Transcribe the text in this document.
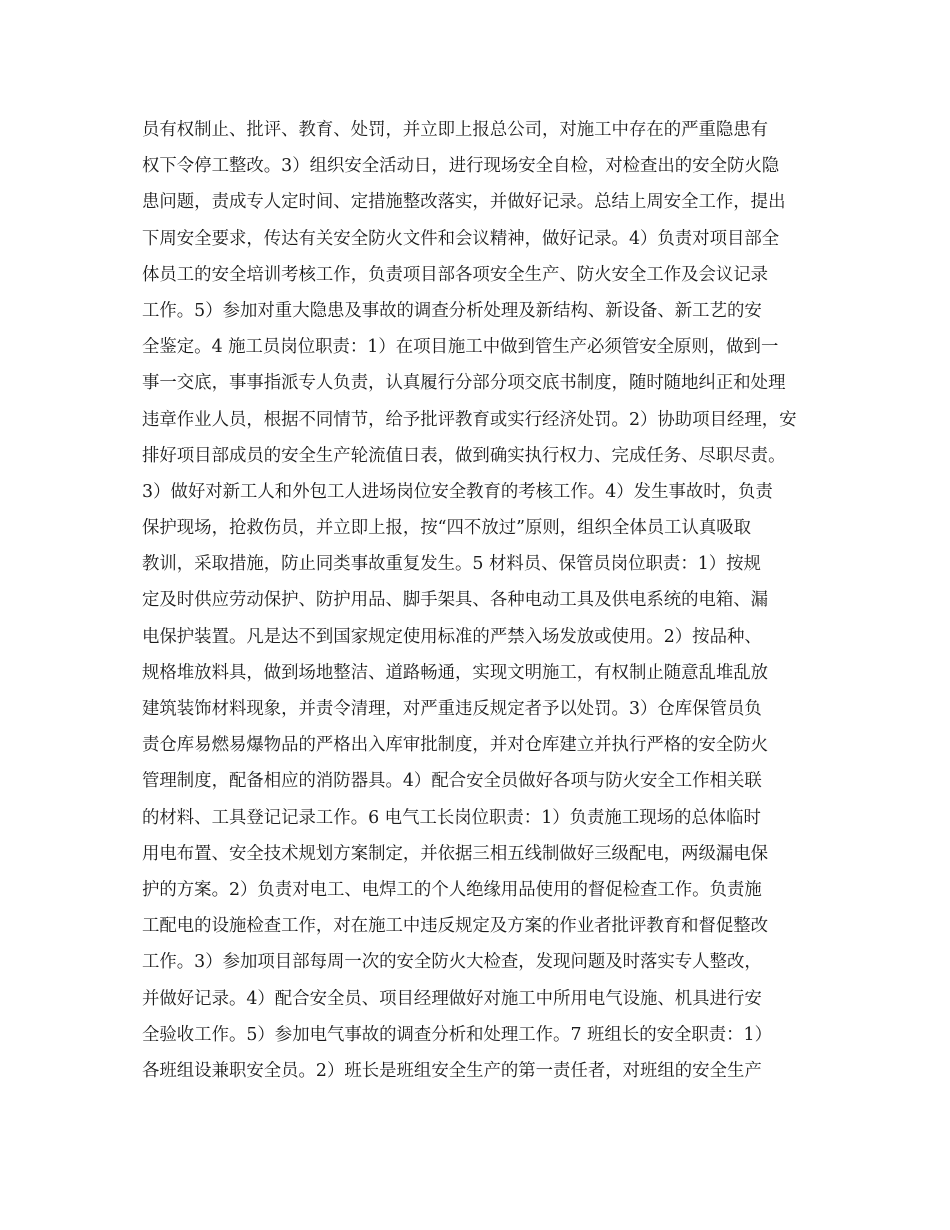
员有权制止、批评、教育、处罚，并立即上报总公司，对施工中存在的严重隐患有
权下令停工整改。3）组织安全活动日，进行现场安全自检，对检查出的安全防火隐
患问题，责成专人定时间、定措施整改落实，并做好记录。总结上周安全工作，提出
下周安全要求，传达有关安全防火文件和会议精神，做好记录。4）负责对项目部全
体员工的安全培训考核工作，负责项目部各项安全生产、防火安全工作及会议记录
工作。5）参加对重大隐患及事故的调查分析处理及新结构、新设备、新工艺的安
全鉴定。4 施工员岗位职责：1）在项目施工中做到管生产必须管安全原则，做到一
事一交底，事事指派专人负责，认真履行分部分项交底书制度，随时随地纠正和处理
违章作业人员，根据不同情节，给予批评教育或实行经济处罚。2）协助项目经理，安
排好项目部成员的安全生产轮流值日表，做到确实执行权力、完成任务、尽职尽责。
3）做好对新工人和外包工人进场岗位安全教育的考核工作。4）发生事故时，负责
保护现场，抢救伤员，并立即上报，按“四不放过”原则，组织全体员工认真吸取
教训，采取措施，防止同类事故重复发生。5 材料员、保管员岗位职责：1）按规
定及时供应劳动保护、防护用品、脚手架具、各种电动工具及供电系统的电箱、漏
电保护装置。凡是达不到国家规定使用标准的严禁入场发放或使用。2）按品种、
规格堆放料具，做到场地整洁、道路畅通，实现文明施工，有权制止随意乱堆乱放
建筑装饰材料现象，并责令清理，对严重违反规定者予以处罚。3）仓库保管员负
责仓库易燃易爆物品的严格出入库审批制度，并对仓库建立并执行严格的安全防火
管理制度，配备相应的消防器具。4）配合安全员做好各项与防火安全工作相关联
的材料、工具登记记录工作。6 电气工长岗位职责：1）负责施工现场的总体临时
用电布置、安全技术规划方案制定，并依据三相五线制做好三级配电，两级漏电保
护的方案。2）负责对电工、电焊工的个人绝缘用品使用的督促检查工作。负责施
工配电的设施检查工作，对在施工中违反规定及方案的作业者批评教育和督促整改
工作。3）参加项目部每周一次的安全防火大检查，发现问题及时落实专人整改，
并做好记录。4）配合安全员、项目经理做好对施工中所用电气设施、机具进行安
全验收工作。5）参加电气事故的调查分析和处理工作。7 班组长的安全职责：1）
各班组设兼职安全员。2）班长是班组安全生产的第一责任者，对班组的安全生产
